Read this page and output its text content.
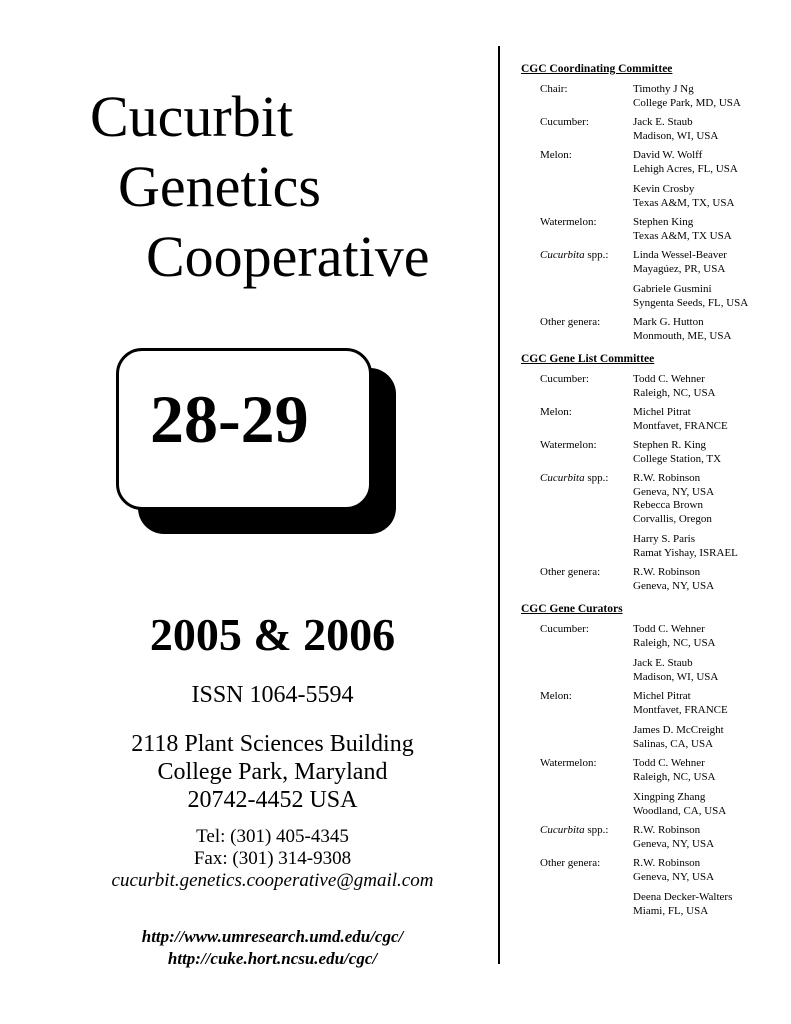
Cucurbit
Genetics
Cooperative
28-29
2005 & 2006
ISSN 1064-5594
2118 Plant Sciences Building
College Park, Maryland
20742-4452 USA
Tel: (301) 405-4345
Fax: (301) 314-9308
cucurbit.genetics.cooperative@gmail.com
http://www.umresearch.umd.edu/cgc/
http://cuke.hort.ncsu.edu/cgc/
CGC Coordinating Committee
Chair:	Timothy J Ng
College Park, MD, USA
Cucumber:	Jack E. Staub
Madison, WI, USA
Melon:	David W. Wolff
Lehigh Acres, FL, USA
Kevin Crosby
Texas A&M, TX, USA
Watermelon:	Stephen King
Texas A&M, TX USA
Cucurbita spp.:	Linda Wessel-Beaver
Mayagúez, PR, USA
Gabriele Gusmini
Syngenta Seeds, FL, USA
Other genera:	Mark G. Hutton
Monmouth, ME, USA
CGC Gene List Committee
Cucumber:	Todd C. Wehner
Raleigh, NC, USA
Melon:	Michel Pitrat
Montfavet, FRANCE
Watermelon:	Stephen R. King
College Station, TX
Cucurbita spp.:	R.W. Robinson
Geneva, NY, USA
Rebecca Brown
Corvallis, Oregon
Harry S. Paris
Ramat Yishay, ISRAEL
Other genera:	R.W. Robinson
Geneva, NY, USA
CGC Gene Curators
Cucumber:	Todd C. Wehner
Raleigh, NC, USA
Jack E. Staub
Madison, WI, USA
Melon:	Michel Pitrat
Montfavet, FRANCE
James D. McCreight
Salinas, CA, USA
Watermelon:	Todd C. Wehner
Raleigh, NC, USA
Xingping Zhang
Woodland, CA, USA
Cucurbita spp.:	R.W. Robinson
Geneva, NY, USA
Other genera:	R.W. Robinson
Geneva, NY, USA
Deena Decker-Walters
Miami, FL, USA
